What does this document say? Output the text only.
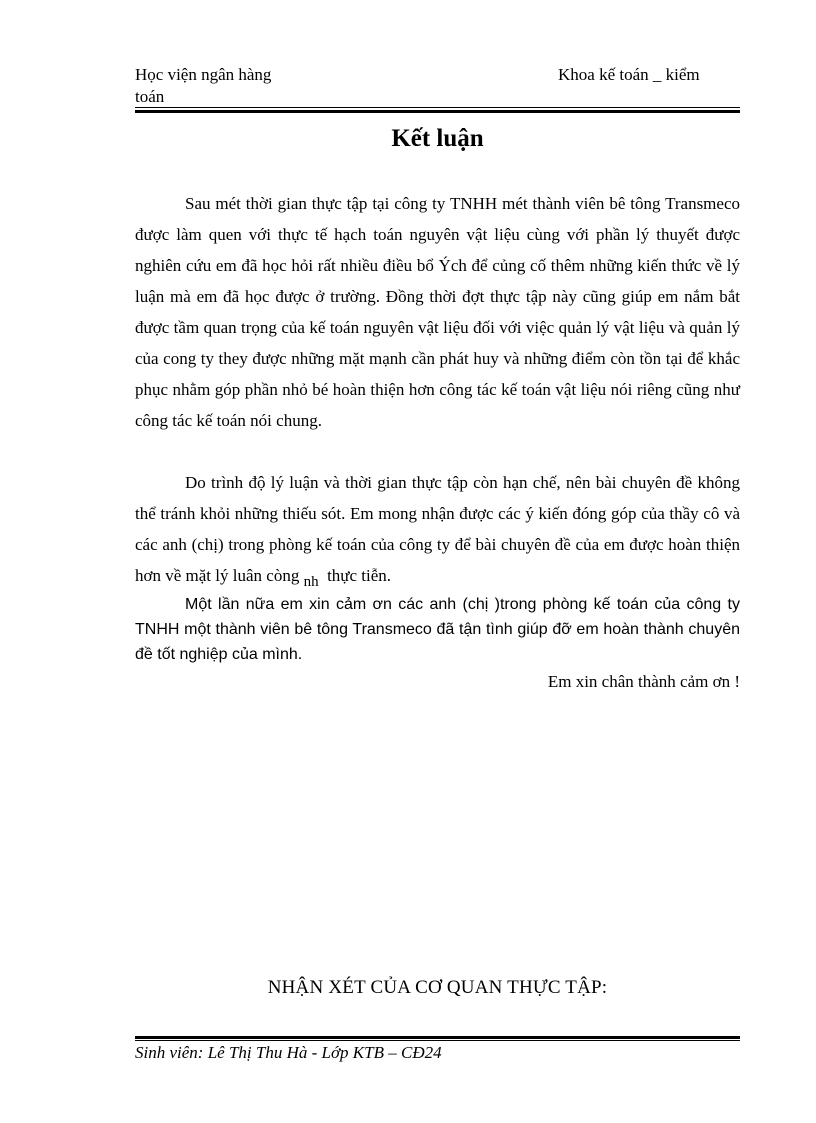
Học viện ngân hàng	Khoa kế toán _ kiểm
toán
Kết luận
Sau mét thời gian thực tập tại công ty TNHH mét thành viên bê tông Transmeco được làm quen với thực tế hạch toán nguyên vật liệu cùng với phần lý thuyết được nghiên cứu em đã học hỏi rất nhiều điều bổ Ých để củng cố thêm những kiến thức về lý luận mà em đã học được ở trường. Đồng thời đợt thực tập này cũng giúp em nắm bắt được tầm quan trọng của kế toán nguyên vật liệu đối với việc quản lý vật liệu và quản lý của cong ty they được những mặt mạnh cần phát huy và những điểm còn tồn tại để khắc phục nhằm góp phần nhỏ bé hoàn thiện hơn công tác kế toán vật liệu nói riêng cũng như công tác kế toán nói chung.
Do trình độ lý luận và thời gian thực tập còn hạn chế, nên bài chuyên đề không thể tránh khỏi những thiếu sót. Em mong nhận được các ý kiến đóng góp của thầy cô và các anh (chị) trong phòng kế toán của công ty để bài chuyên đề của em được hoàn thiện hơn về mặt lý luân còng nh thực tiễn.
Một lần nữa em xin cảm ơn các anh (chị )trong phòng kế toán của công ty TNHH một thành viên bê tông Transmeco đã tận tình giúp đỡ em hoàn thành chuyên đề tốt nghiệp của mình.
Em xin chân thành cảm ơn !
NHẬN XÉT CỦA CƠ QUAN THỰC TẬP:
Sinh viên: Lê Thị Thu Hà - Lớp KTB – CĐ24
